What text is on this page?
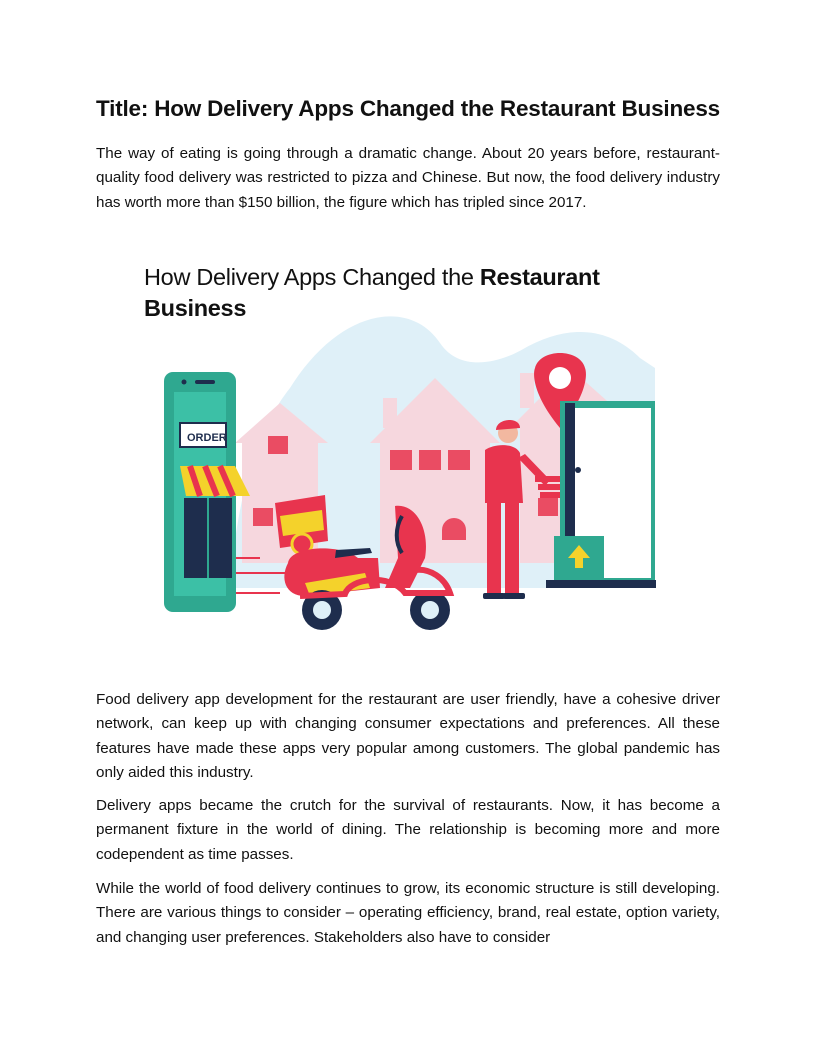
Title: How Delivery Apps Changed the Restaurant Business

The way of eating is going through a dramatic change. About 20 years before, restaurant-quality food delivery was restricted to pizza and Chinese. But now, the food delivery industry has worth more than $150 billion, the figure which has tripled since 2017.

ORDER
How Delivery Apps Changed the Restaurant
Business

Food delivery app development for the restaurant are user friendly, have a cohesive driver network, can keep up with changing consumer expectations and preferences. All these features have made these apps very popular among customers. The global pandemic has only aided this industry.

Delivery apps became the crutch for the survival of restaurants. Now, it has become a permanent fixture in the world of dining. The relationship is becoming more and more codependent as time passes.

While the world of food delivery continues to grow, its economic structure is still developing. There are various things to consider – operating efficiency, brand, real estate, option variety, and changing user preferences. Stakeholders also have to consider
